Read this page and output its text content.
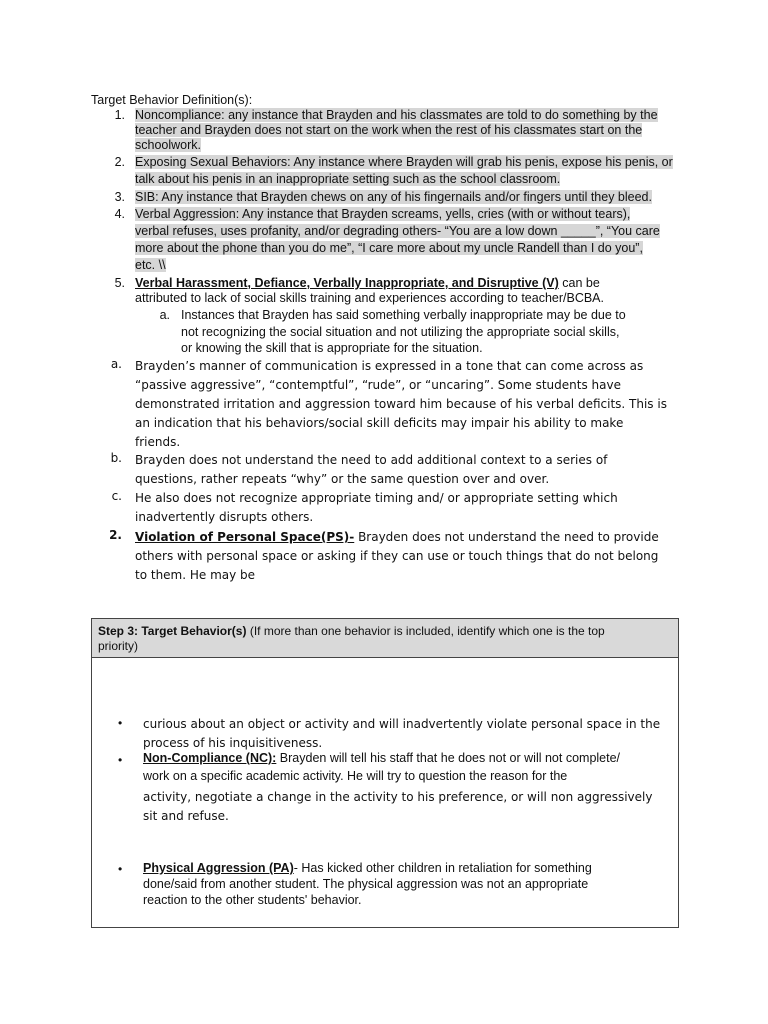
Target Behavior Definition(s):
1. Noncompliance: any instance that Brayden and his classmates are told to do something by the
teacher and Brayden does not start on the work when the rest of his classmates start on the
schoolwork.
2. Exposing Sexual Behaviors: Any instance where Brayden will grab his penis, expose his penis, or
talk about his penis in an inappropriate setting such as the school classroom.
3. SIB: Any instance that Brayden chews on any of his fingernails and/or fingers until they bleed.
4. Verbal Aggression: Any instance that Brayden screams, yells, cries (with or without tears),
verbal refuses, uses profanity, and/or degrading others- “You are a low down _____”, “You care
more about the phone than you do me”, “I care more about my uncle Randell than I do you”,
etc. \\
5. Verbal Harassment, Defiance, Verbally Inappropriate, and Disruptive (V) can be
attributed to lack of social skills training and experiences according to teacher/BCBA.
a. Instances that Brayden has said something verbally inappropriate may be due to
not recognizing the social situation and not utilizing the appropriate social skills,
or knowing the skill that is appropriate for the situation.
a. Brayden’s manner of communication is expressed in a tone that can come across as
“passive aggressive”, “contemptful”, “rude”, or “uncaring”. Some students have
demonstrated irritation and aggression toward him because of his verbal deficits. This is
an indication that his behaviors/social skill deficits may impair his ability to make
friends.
b. Brayden does not understand the need to add additional context to a series of
questions, rather repeats “why” or the same question over and over.
c. He also does not recognize appropriate timing and/ or appropriate setting which
inadvertently disrupts others.
2. Violation of Personal Space(PS)- Brayden does not understand the need to provide
others with personal space or asking if they can use or touch things that do not belong
to them. He may be
Step 3: Target Behavior(s) (If more than one behavior is included, identify which one is the top
priority)
• curious about an object or activity and will inadvertently violate personal space in the
process of his inquisitiveness.
• Non-Compliance (NC): Brayden will tell his staff that he does not or will not complete/
work on a specific academic activity. He will try to question the reason for the
activity, negotiate a change in the activity to his preference, or will non aggressively
sit and refuse.
• Physical Aggression (PA)- Has kicked other children in retaliation for something
done/said from another student. The physical aggression was not an appropriate
reaction to the other students' behavior.
